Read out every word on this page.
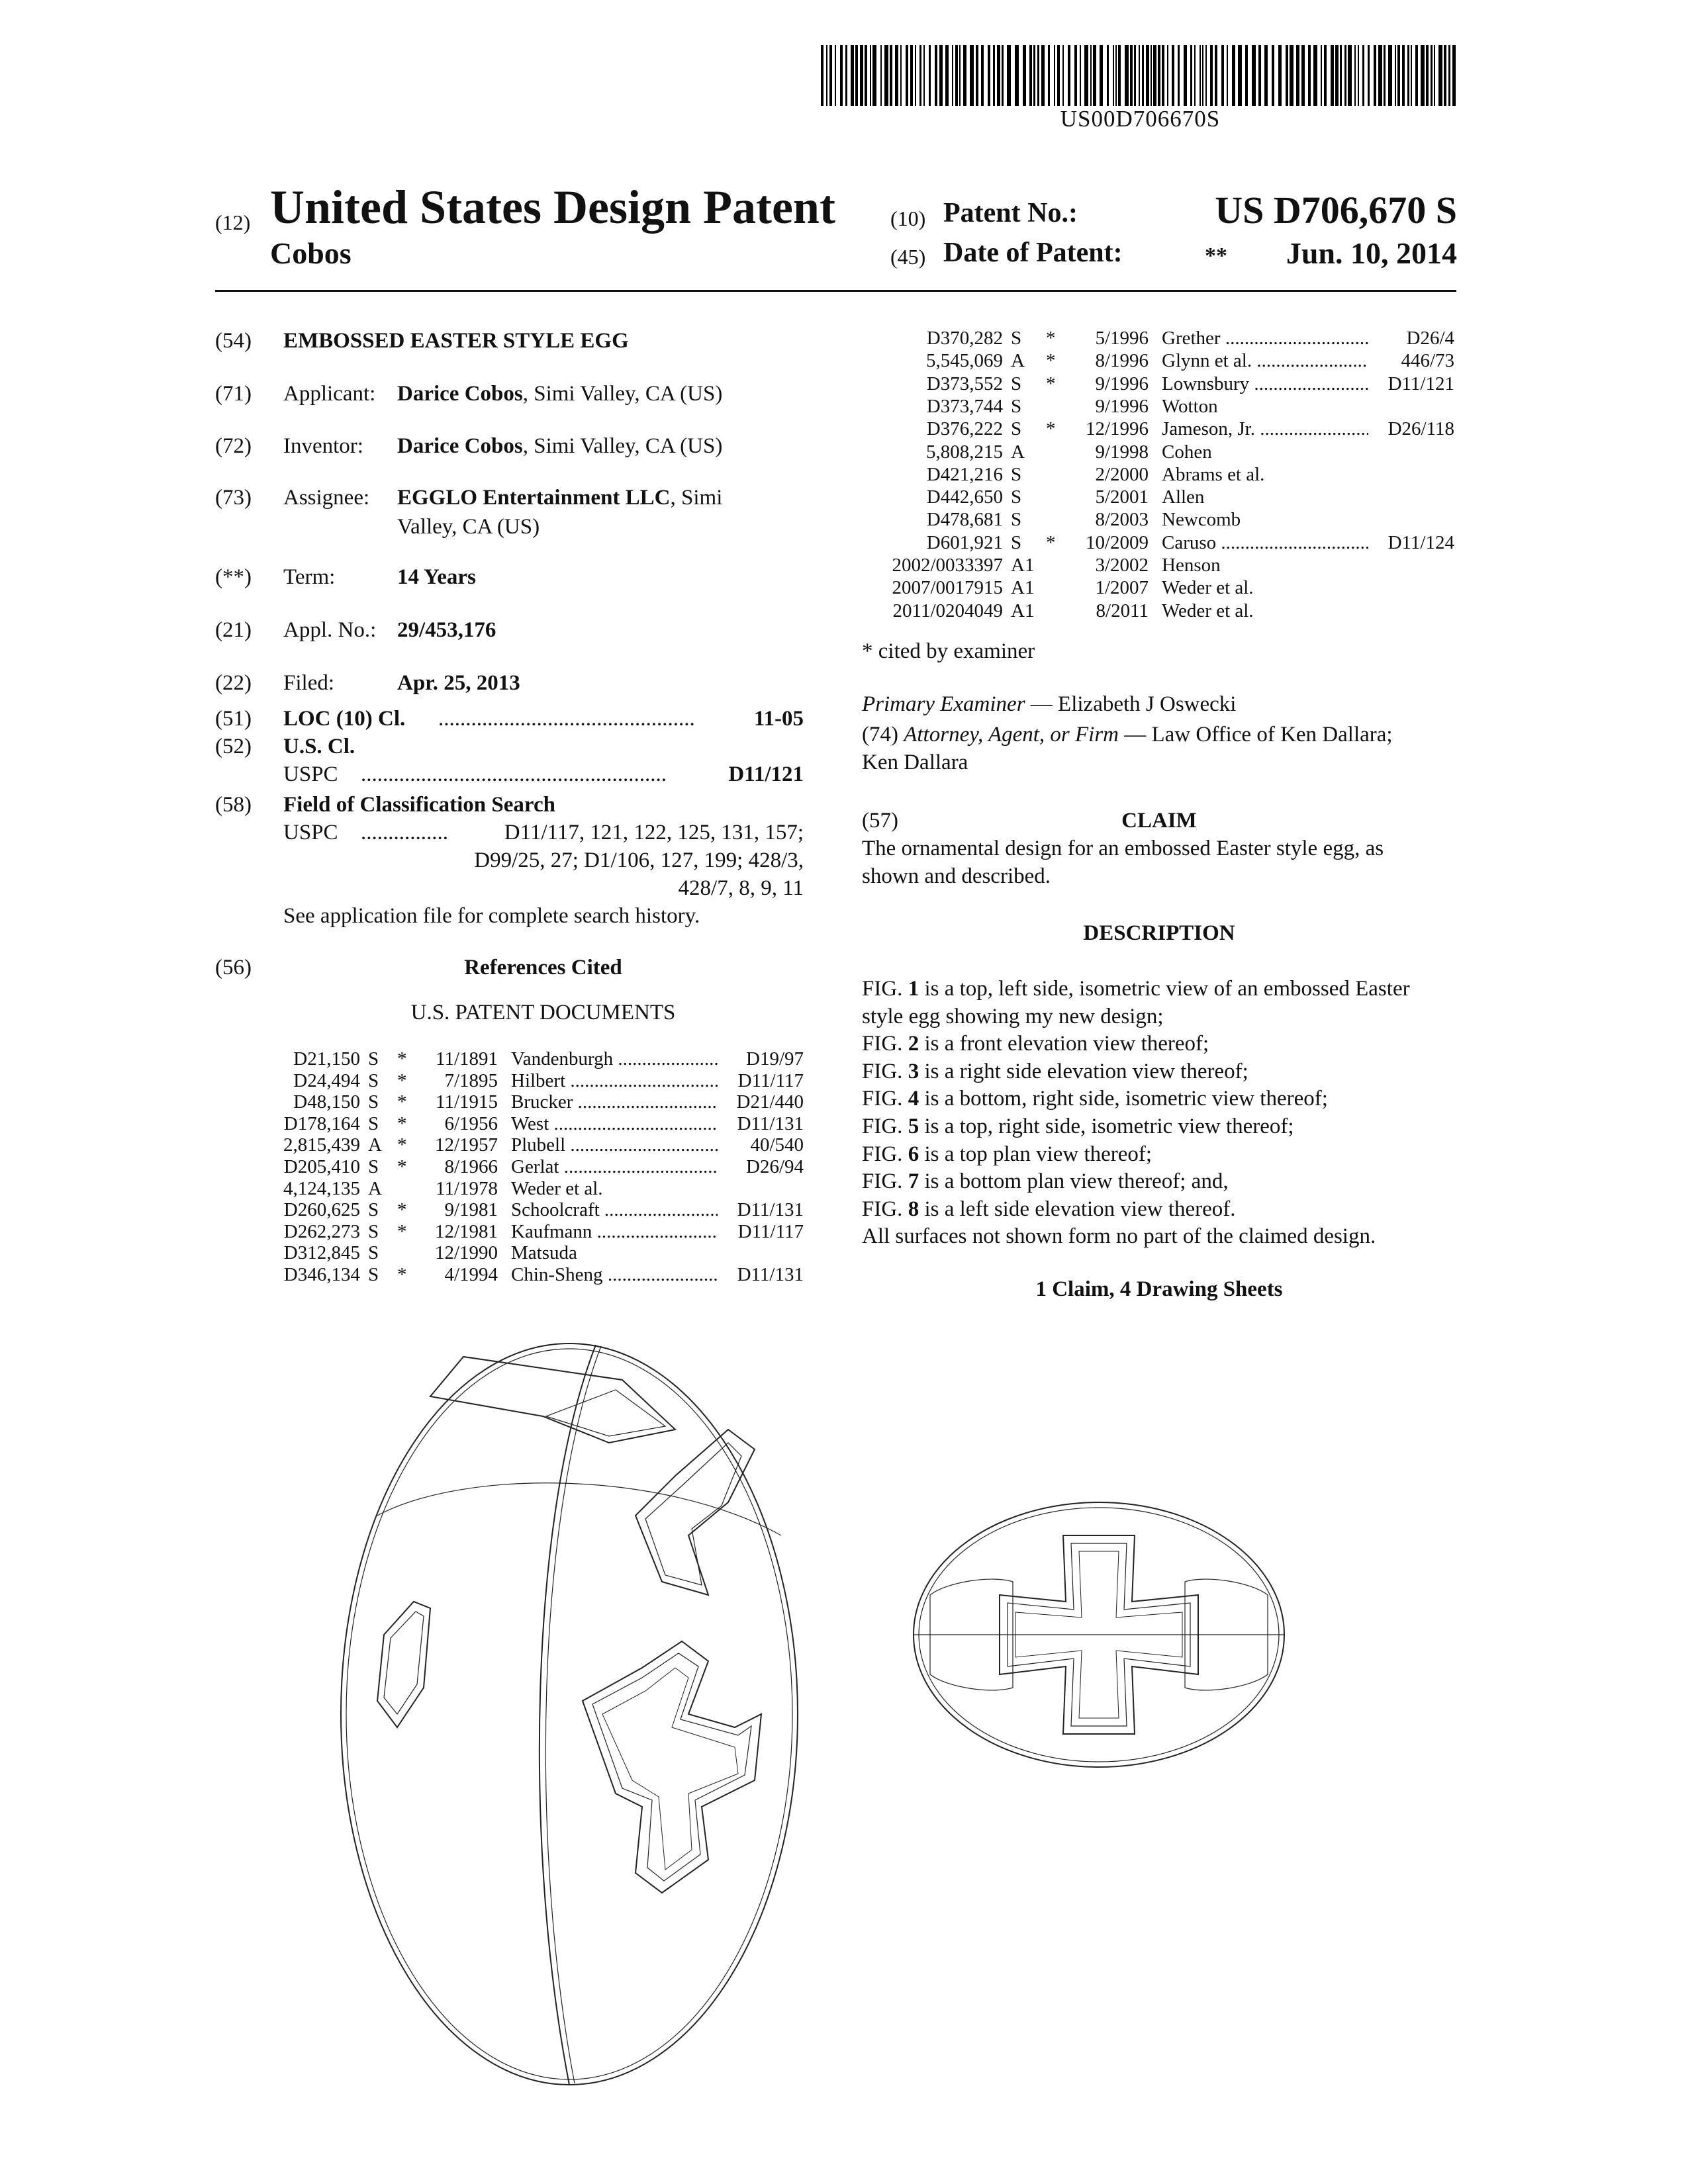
US00D706670S
(12) United States Design Patent
Cobos
(10) Patent No.:	US D706,670 S
(45) Date of Patent:	** Jun. 10, 2014
(54) EMBOSSED EASTER STYLE EGG
(71) Applicant: Darice Cobos, Simi Valley, CA (US)
(72) Inventor: Darice Cobos, Simi Valley, CA (US)
(73) Assignee: EGGLO Entertainment LLC, Simi
Valley, CA (US)
(**) Term:	14 Years
(21) Appl. No.: 29/453,176
(22) Filed:	Apr. 25, 2013
(51) LOC (10) Cl. ...............................................	11-05
(52) U.S. Cl.
USPC ........................................................	D11/121
(58) Field of Classification Search
USPC ................	D11/117, 121, 122, 125, 131, 157;
D99/25, 27; D1/106, 127, 199; 428/3,
428/7, 8, 9, 11
See application file for complete search history.
(56)	References Cited
U.S. PATENT DOCUMENTS
D21,150 S *	11/1891 Vandenburgh .....	D19/97
D24,494 S *	7/1895 Hilbert .....	D11/117
D48,150 S *	11/1915 Brucker .....	D21/440
D178,164 S *	6/1956 West .....	D11/131
2,815,439 A *	12/1957 Plubell .....	40/540
D205,410 S *	8/1966 Gerlat .....	D26/94
4,124,135 A	11/1978 Weder et al.
D260,625 S *	9/1981 Schoolcraft .....	D11/131
D262,273 S *	12/1981 Kaufmann .....	D11/117
D312,845 S	12/1990 Matsuda
D346,134 S *	4/1994 Chin-Sheng .....	D11/131
D370,282 S	*	5/1996 Grether .....	D26/4
5,545,069 A	*	8/1996 Glynn et al. .....	446/73
D373,552 S	*	9/1996 Lownsbury .....	D11/121
D373,744 S	9/1996 Wotton
D376,222 S	*	12/1996 Jameson, Jr. .....	D26/118
5,808,215 A	9/1998 Cohen
D421,216 S	2/2000 Abrams et al.
D442,650 S	5/2001 Allen
D478,681 S	8/2003 Newcomb
D601,921 S	*	10/2009 Caruso .....	D11/124
2002/0033397 A1	3/2002 Henson
2007/0017915 A1	1/2007 Weder et al.
2011/0204049 A1	8/2011 Weder et al.
* cited by examiner
Primary Examiner — Elizabeth J Oswecki
(74) Attorney, Agent, or Firm — Law Office of Ken Dallara;
Ken Dallara
(57)	CLAIM
The ornamental design for an embossed Easter style egg, as
shown and described.
DESCRIPTION
FIG. 1 is a top, left side, isometric view of an embossed Easter
style egg showing my new design;
FIG. 2 is a front elevation view thereof;
FIG. 3 is a right side elevation view thereof;
FIG. 4 is a bottom, right side, isometric view thereof;
FIG. 5 is a top, right side, isometric view thereof;
FIG. 6 is a top plan view thereof;
FIG. 7 is a bottom plan view thereof; and,
FIG. 8 is a left side elevation view thereof.
All surfaces not shown form no part of the claimed design.
1 Claim, 4 Drawing Sheets
